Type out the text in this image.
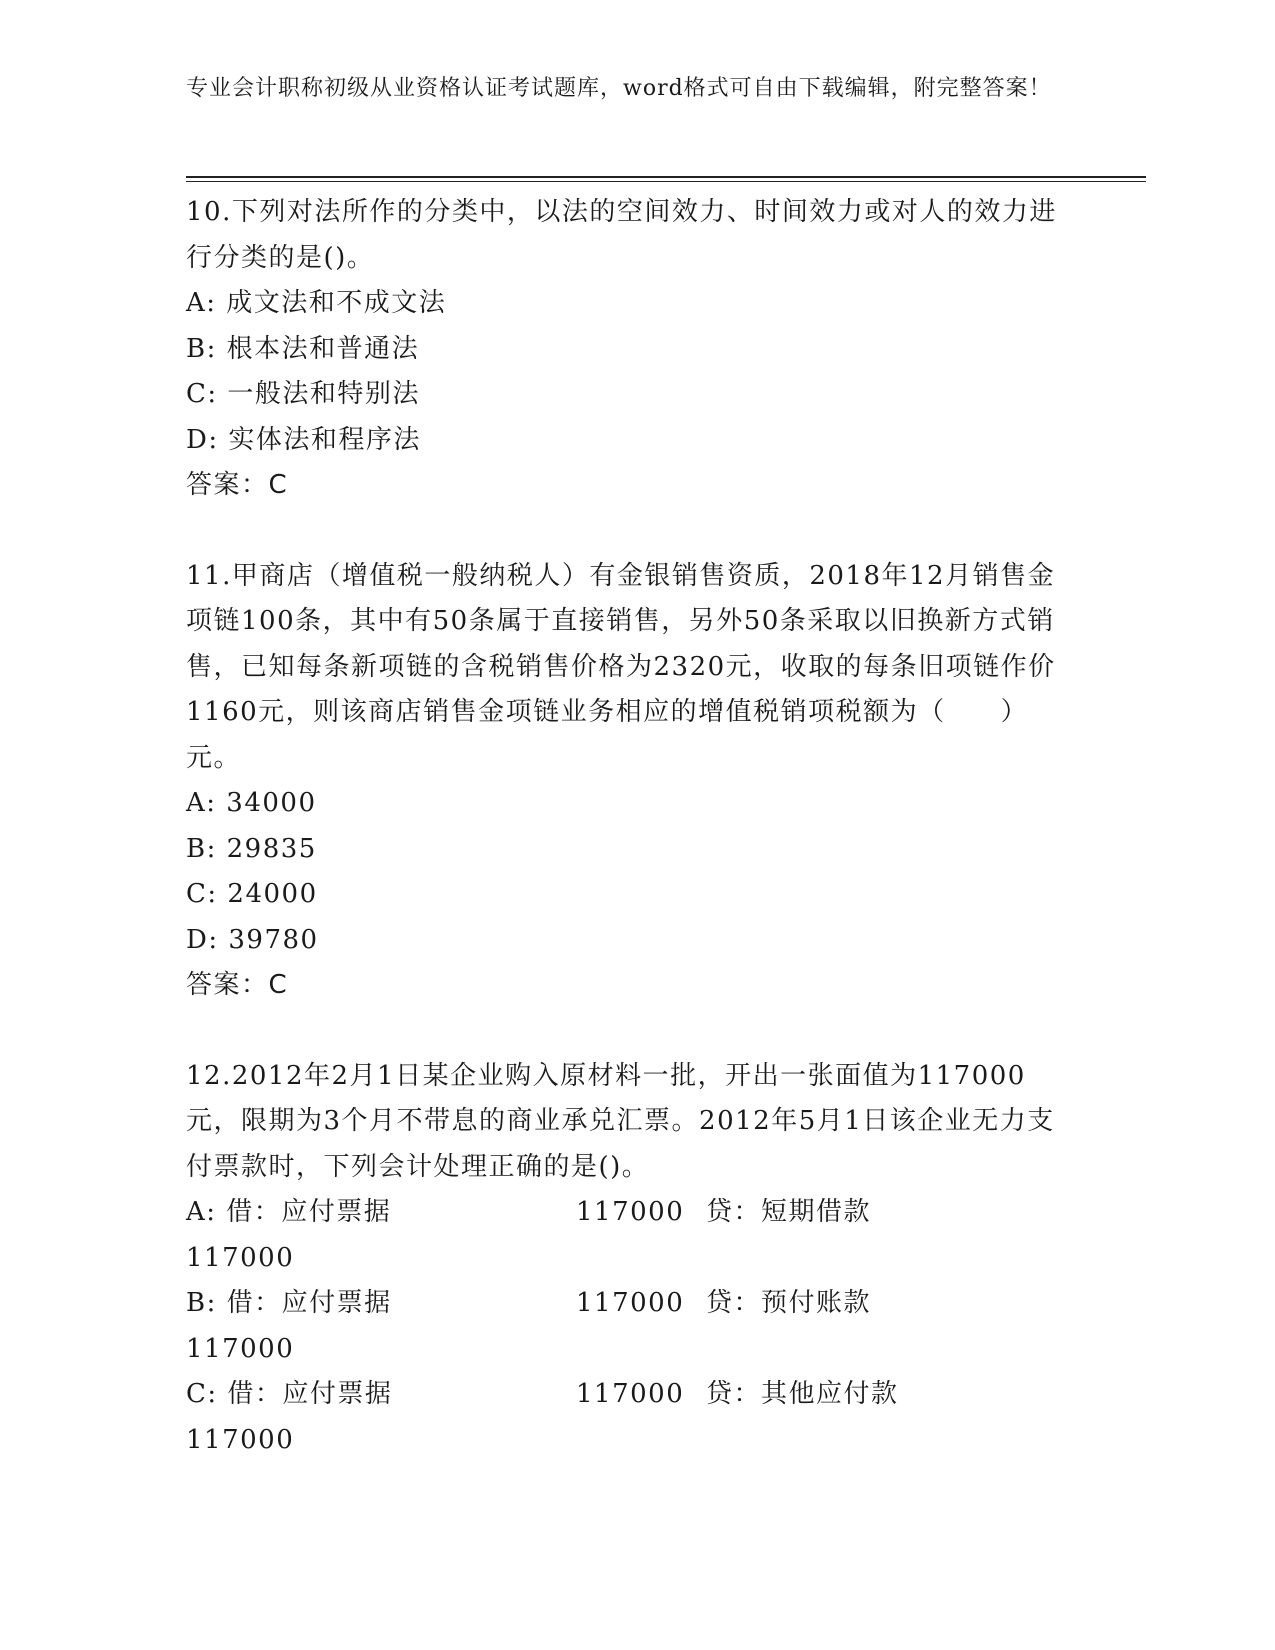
专业会计职称初级从业资格认证考试题库，word格式可自由下载编辑，附完整答案！

10.下列对法所作的分类中，以法的空间效力、时间效力或对人的效力进行分类的是()。

A: 成文法和不成文法

B: 根本法和普通法

C: 一般法和特别法

D: 实体法和程序法

答案：C

11.甲商店（增值税一般纳税人）有金银销售资质，2018年12月销售金项链100条，其中有50条属于直接销售，另外50条采取以旧换新方式销售，已知每条新项链的含税销售价格为2320元，收取的每条旧项链作价1160元，则该商店销售金项链业务相应的增值税销项税额为（　　）元。

A: 34000

B: 29835

C: 24000

D: 39780

答案：C

12.2012年2月1日某企业购入原材料一批，开出一张面值为117000元，限期为3个月不带息的商业承兑汇票。2012年5月1日该企业无力支付票款时，下列会计处理正确的是()。

A: 借：应付票据	117000 贷：短期借款
117000
B: 借：应付票据	117000 贷：预付账款
117000
C: 借：应付票据	117000 贷：其他应付款
117000
